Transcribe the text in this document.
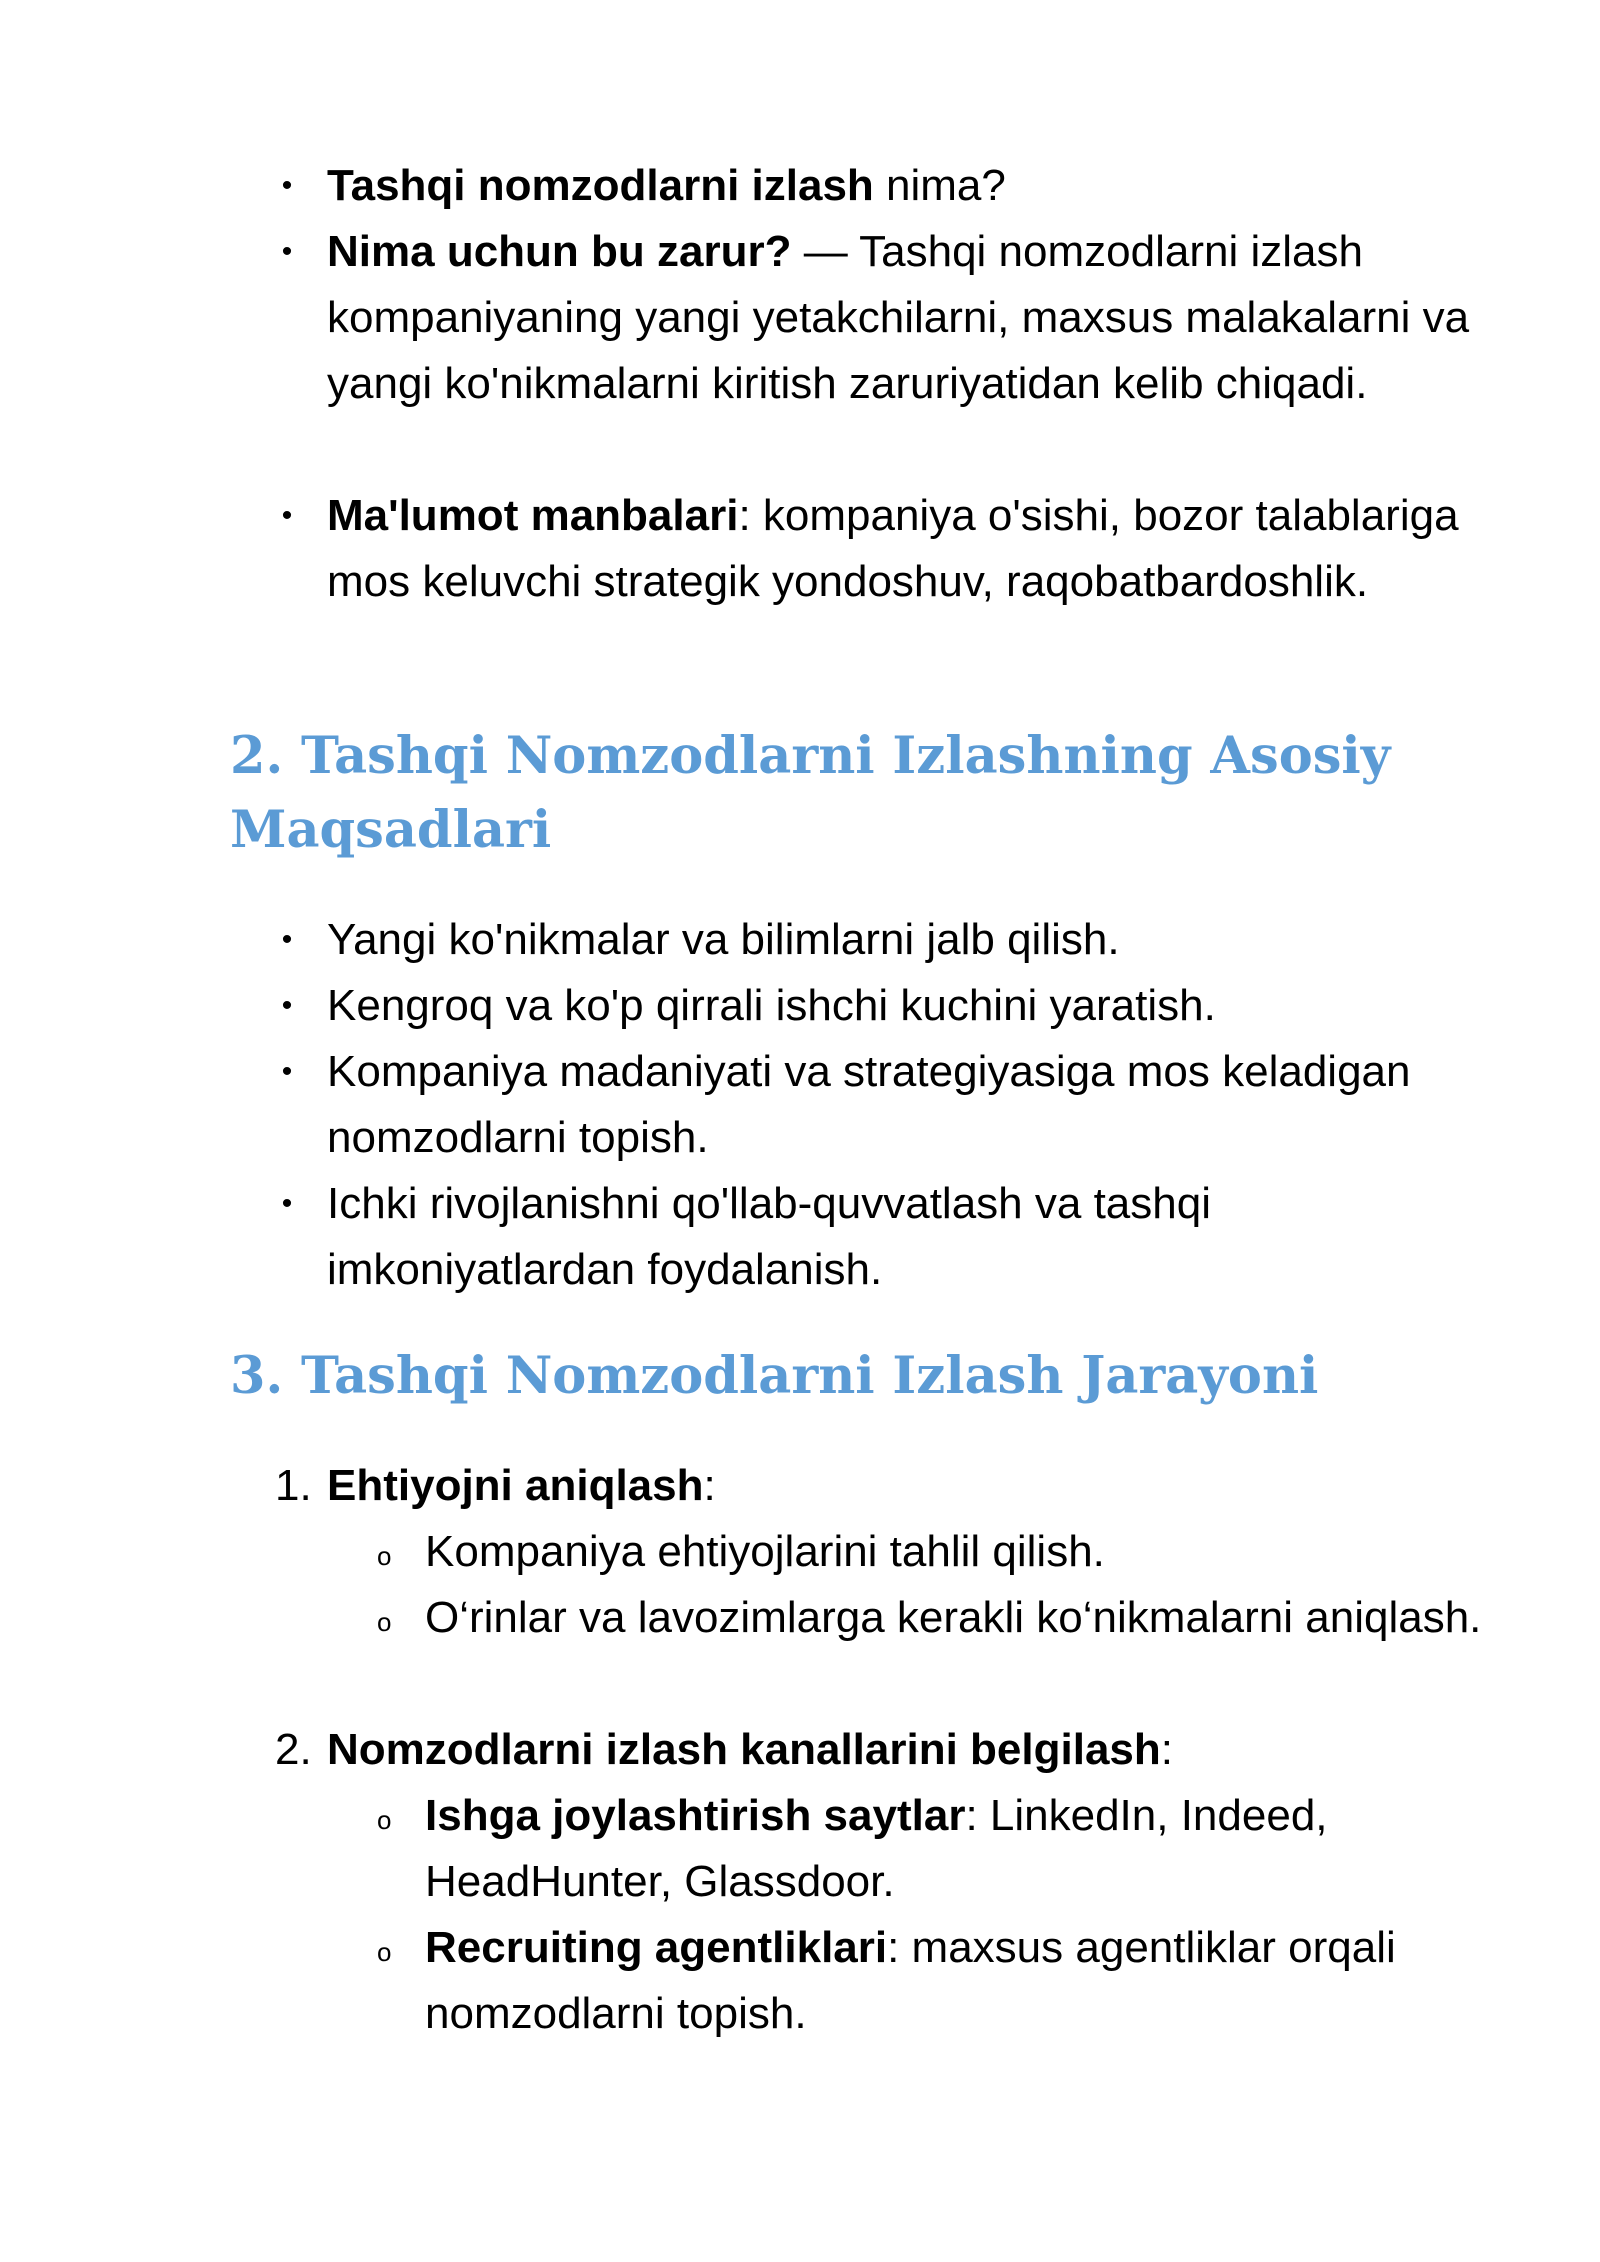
• Tashqi nomzodlarni izlash nima?
• Nima uchun bu zarur? — Tashqi nomzodlarni izlash kompaniyaning yangi yetakchilarni, maxsus malakalarni va yangi ko'nikmalarni kiritish zaruriyatidan kelib chiqadi.
• Ma'lumot manbalari: kompaniya o'sishi, bozor talablariga mos keluvchi strategik yondoshuv, raqobatbardoshlik.
2. Tashqi Nomzodlarni Izlashning Asosiy Maqsadlari
• Yangi ko'nikmalar va bilimlarni jalb qilish.
• Kengroq va ko'p qirrali ishchi kuchini yaratish.
• Kompaniya madaniyati va strategiyasiga mos keladigan nomzodlarni topish.
• Ichki rivojlanishni qo'llab-quvvatlash va tashqi imkoniyatlardan foydalanish.
3. Tashqi Nomzodlarni Izlash Jarayoni
1. Ehtiyojni aniqlash:
o Kompaniya ehtiyojlarini tahlil qilish.
o O‘rinlar va lavozimlarga kerakli ko‘nikmalarni aniqlash.
2. Nomzodlarni izlash kanallarini belgilash:
o Ishga joylashtirish saytlar: LinkedIn, Indeed, HeadHunter, Glassdoor.
o Recruiting agentliklari: maxsus agentliklar orqali nomzodlarni topish.
